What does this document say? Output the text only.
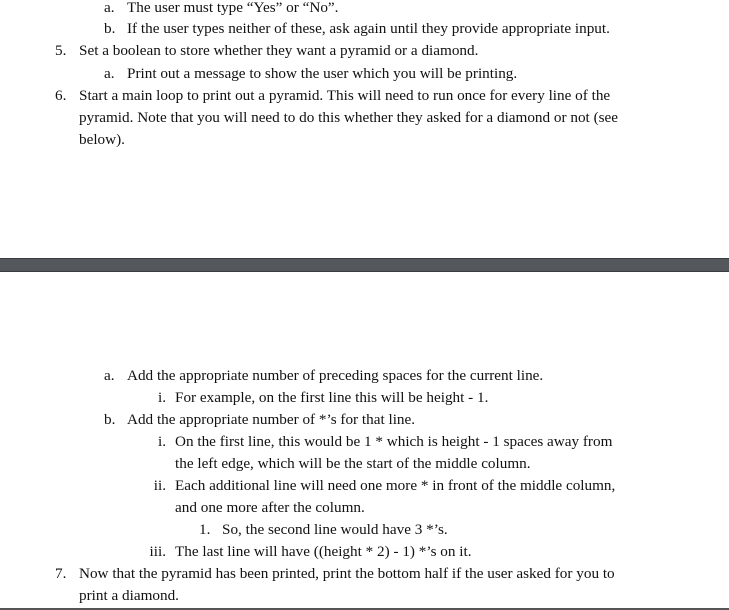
a. The user must type “Yes” or “No”.
b. If the user types neither of these, ask again until they provide appropriate input.
5. Set a boolean to store whether they want a pyramid or a diamond.
a. Print out a message to show the user which you will be printing.
6. Start a main loop to print out a pyramid. This will need to run once for every line of the
pyramid. Note that you will need to do this whether they asked for a diamond or not (see
below).
a. Add the appropriate number of preceding spaces for the current line.
i. For example, on the first line this will be height - 1.
b. Add the appropriate number of *’s for that line.
i. On the first line, this would be 1 * which is height - 1 spaces away from
the left edge, which will be the start of the middle column.
ii. Each additional line will need one more * in front of the middle column,
and one more after the column.
1. So, the second line would have 3 *’s.
iii. The last line will have ((height * 2) - 1) *’s on it.
7. Now that the pyramid has been printed, print the bottom half if the user asked for you to
print a diamond.
